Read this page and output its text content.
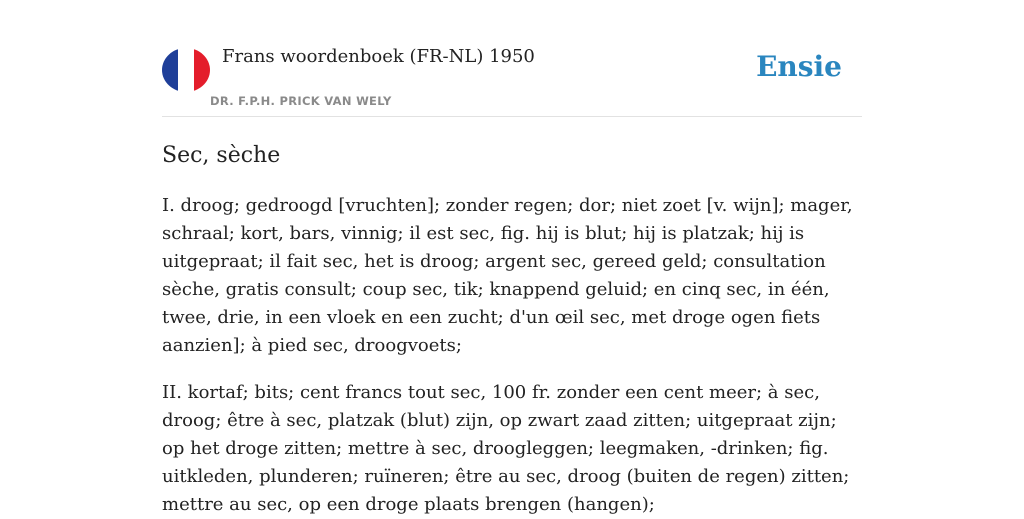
Frans woordenboek (FR-NL) 1950
DR. F.P.H. PRICK VAN WELY
Ensie
Sec, sèche

I. droog; gedroogd [vruchten]; zonder regen; dor; niet zoet [v. wijn]; mager, schraal; kort, bars, vinnig; il est sec, fig. hij is blut; hij is platzak; hij is uitgepraat; il fait sec, het is droog; argent sec, gereed geld; consultation sèche, gratis consult; coup sec, tik; knappend geluid; en cinq sec, in één, twee, drie, in een vloek en een zucht; d'un œil sec, met droge ogen fiets aanzien]; à pied sec, droogvoets;

II. kortaf; bits; cent francs tout sec, 100 fr. zonder een cent meer; à sec, droog; être à sec, platzak (blut) zijn, op zwart zaad zitten; uitgepraat zijn; op het droge zitten; mettre à sec, droogleggen; leegmaken, -drinken; fig. uitkleden, plunderen; ruïneren; être au sec, droog (buiten de regen) zitten; mettre au sec, op een droge plaats brengen (hangen);
